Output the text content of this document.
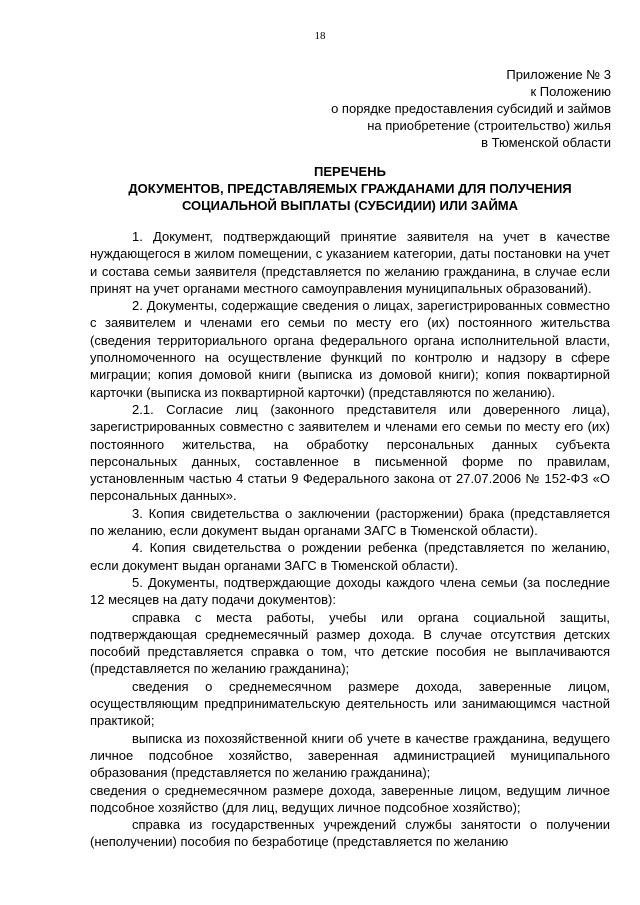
18
Приложение № 3
к Положению
о порядке предоставления субсидий и займов
на приобретение (строительство) жилья
в Тюменской области
ПЕРЕЧЕНЬ
ДОКУМЕНТОВ, ПРЕДСТАВЛЯЕМЫХ ГРАЖДАНАМИ ДЛЯ ПОЛУЧЕНИЯ
СОЦИАЛЬНОЙ ВЫПЛАТЫ (СУБСИДИИ) ИЛИ ЗАЙМА

1. Документ, подтверждающий принятие заявителя на учет в качестве нуждающегося в жилом помещении, с указанием категории, даты постановки на учет и состава семьи заявителя (представляется по желанию гражданина, в случае если принят на учет органами местного самоуправления муниципальных образований).

2. Документы, содержащие сведения о лицах, зарегистрированных совместно с заявителем и членами его семьи по месту его (их) постоянного жительства (сведения территориального органа федерального органа исполнительной власти, уполномоченного на осуществление функций по контролю и надзору в сфере миграции; копия домовой книги (выписка из домовой книги); копия поквартирной карточки (выписка из поквартирной карточки) (представляются по желанию).

2.1. Согласие лиц (законного представителя или доверенного лица), зарегистрированных совместно с заявителем и членами его семьи по месту его (их) постоянного жительства, на обработку персональных данных субъекта персональных данных, составленное в письменной форме по правилам, установленным частью 4 статьи 9 Федерального закона от 27.07.2006 № 152-ФЗ «О персональных данных».

3. Копия свидетельства о заключении (расторжении) брака (представляется по желанию, если документ выдан органами ЗАГС в Тюменской области).

4. Копия свидетельства о рождении ребенка (представляется по желанию, если документ выдан органами ЗАГС в Тюменской области).

5. Документы, подтверждающие доходы каждого члена семьи (за последние 12 месяцев на дату подачи документов):

справка с места работы, учебы или органа социальной защиты, подтверждающая среднемесячный размер дохода. В случае отсутствия детских пособий представляется справка о том, что детские пособия не выплачиваются (представляется по желанию гражданина);

сведения о среднемесячном размере дохода, заверенные лицом, осуществляющим предпринимательскую деятельность или занимающимся частной практикой;

выписка из похозяйственной книги об учете в качестве гражданина, ведущего личное подсобное хозяйство, заверенная администрацией муниципального образования (представляется по желанию гражданина);

сведения о среднемесячном размере дохода, заверенные лицом, ведущим личное подсобное хозяйство (для лиц, ведущих личное подсобное хозяйство);

справка из государственных учреждений службы занятости о получении (неполучении) пособия по безработице (представляется по желанию
